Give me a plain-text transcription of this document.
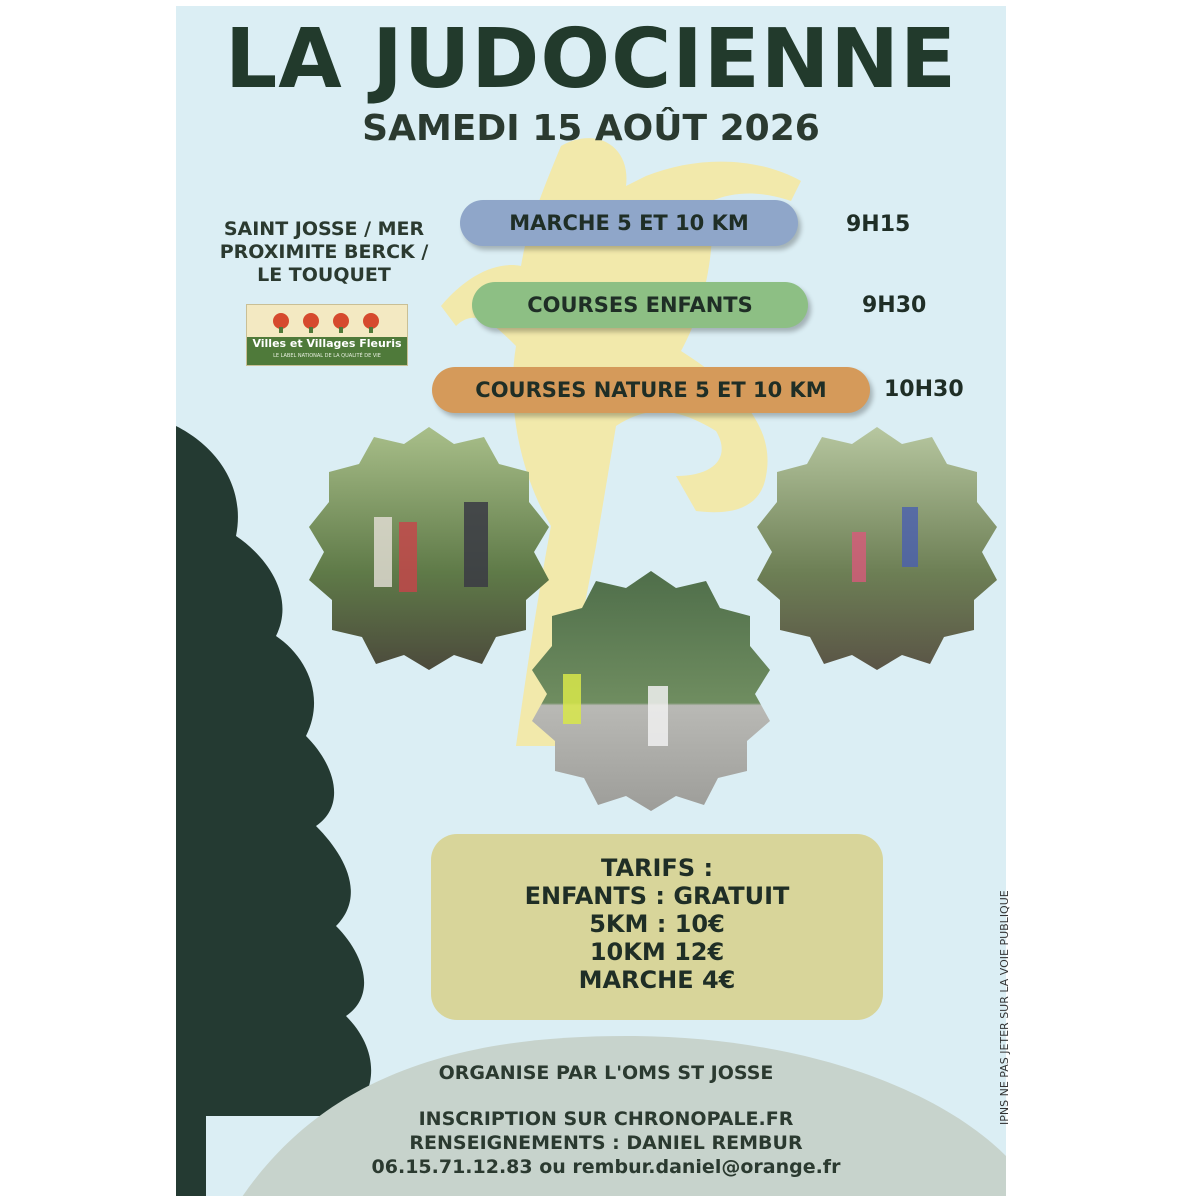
LA JUDOCIENNE
SAMEDI 15 AOÛT 2026
SAINT JOSSE / MER
PROXIMITE BERCK /
LE TOUQUET
Villes et Villages Fleuris
LE LABEL NATIONAL DE LA QUALITÉ DE VIE
MARCHE 5 ET 10 KM	9H15
COURSES ENFANTS	9H30
COURSES NATURE 5 ET 10 KM	10H30
TARIFS :
ENFANTS : GRATUIT
5KM : 10€
10KM 12€
MARCHE 4€
ORGANISE PAR L'OMS ST JOSSE
INSCRIPTION SUR CHRONOPALE.FR
RENSEIGNEMENTS : DANIEL REMBUR
06.15.71.12.83 ou rembur.daniel@orange.fr
IPNS NE PAS JETER SUR LA VOIE PUBLIQUE
